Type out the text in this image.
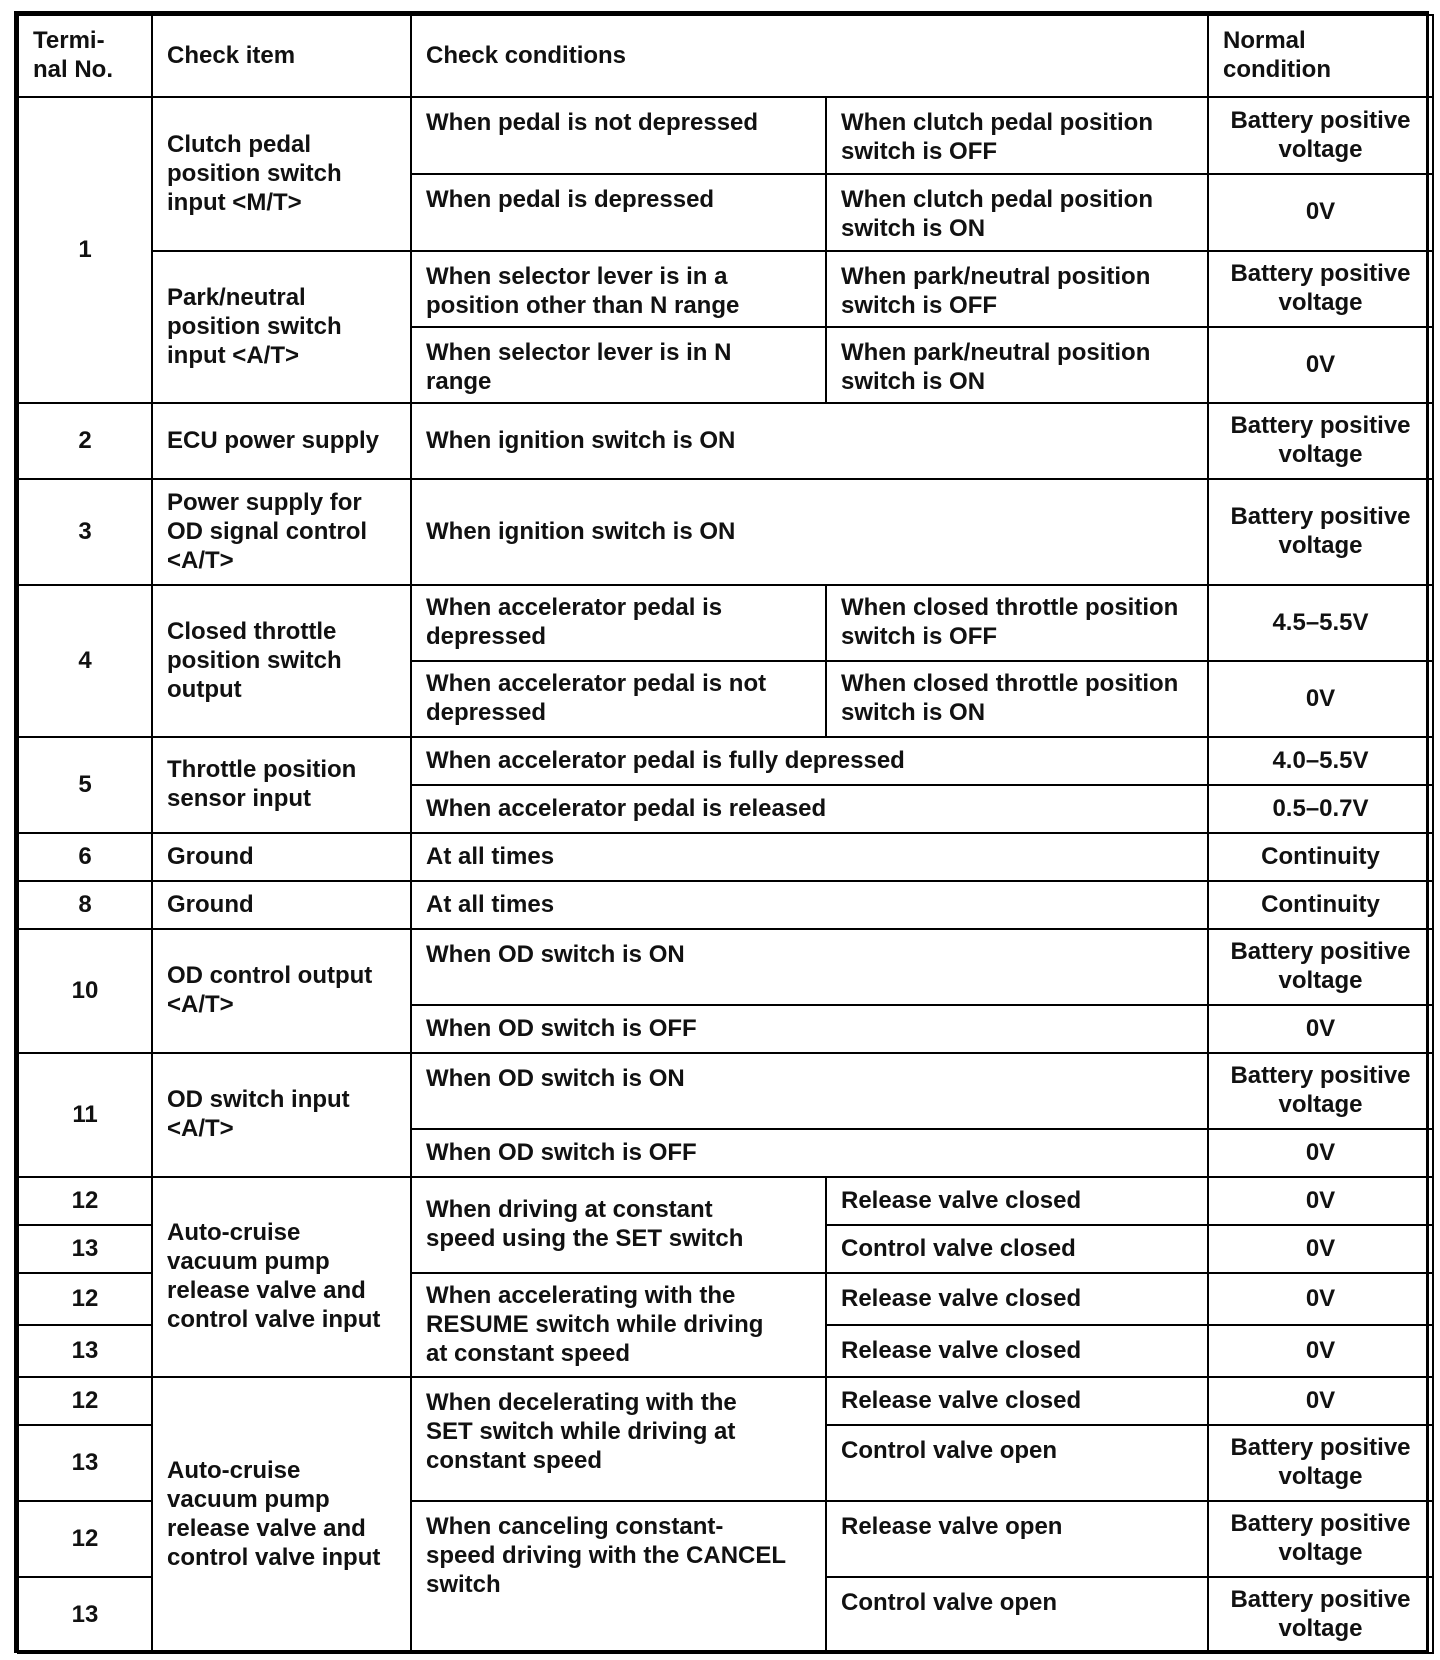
Termi-
nal No.	Check item	Check conditions		Normal
condition
1	Clutch pedal
position switch
input <M/T>	When pedal is not depressed	When clutch pedal position
switch is OFF	Battery positive
voltage
		When pedal is depressed	When clutch pedal position
switch is ON	0V
	Park/neutral
position switch
input <A/T>	When selector lever is in a
position other than N range	When park/neutral position
switch is OFF	Battery positive
voltage
		When selector lever is in N
range	When park/neutral position
switch is ON	0V
2	ECU power supply	When ignition switch is ON		Battery positive
voltage
3	Power supply for
OD signal control
<A/T>	When ignition switch is ON		Battery positive
voltage
4	Closed throttle
position switch
output	When accelerator pedal is
depressed	When closed throttle position
switch is OFF	4.5–5.5V
		When accelerator pedal is not
depressed	When closed throttle position
switch is ON	0V
5	Throttle position
sensor input	When accelerator pedal is fully depressed		4.0–5.5V
		When accelerator pedal is released		0.5–0.7V
6	Ground	At all times		Continuity
8	Ground	At all times		Continuity
10	OD control output
<A/T>	When OD switch is ON		Battery positive
voltage
		When OD switch is OFF		0V
11	OD switch input
<A/T>	When OD switch is ON		Battery positive
voltage
		When OD switch is OFF		0V
12	Auto-cruise
vacuum pump
release valve and
control valve input	When driving at constant
speed using the SET switch	Release valve closed	0V
13			Control valve closed	0V
12		When accelerating with the
RESUME switch while driving
at constant speed	Release valve closed	0V
13			Release valve closed	0V
12	Auto-cruise
vacuum pump
release valve and
control valve input	When decelerating with the
SET switch while driving at
constant speed	Release valve closed	0V
13			Control valve open	Battery positive
voltage
12		When canceling constant-
speed driving with the CANCEL
switch	Release valve open	Battery positive
voltage
13			Control valve open	Battery positive
voltage
